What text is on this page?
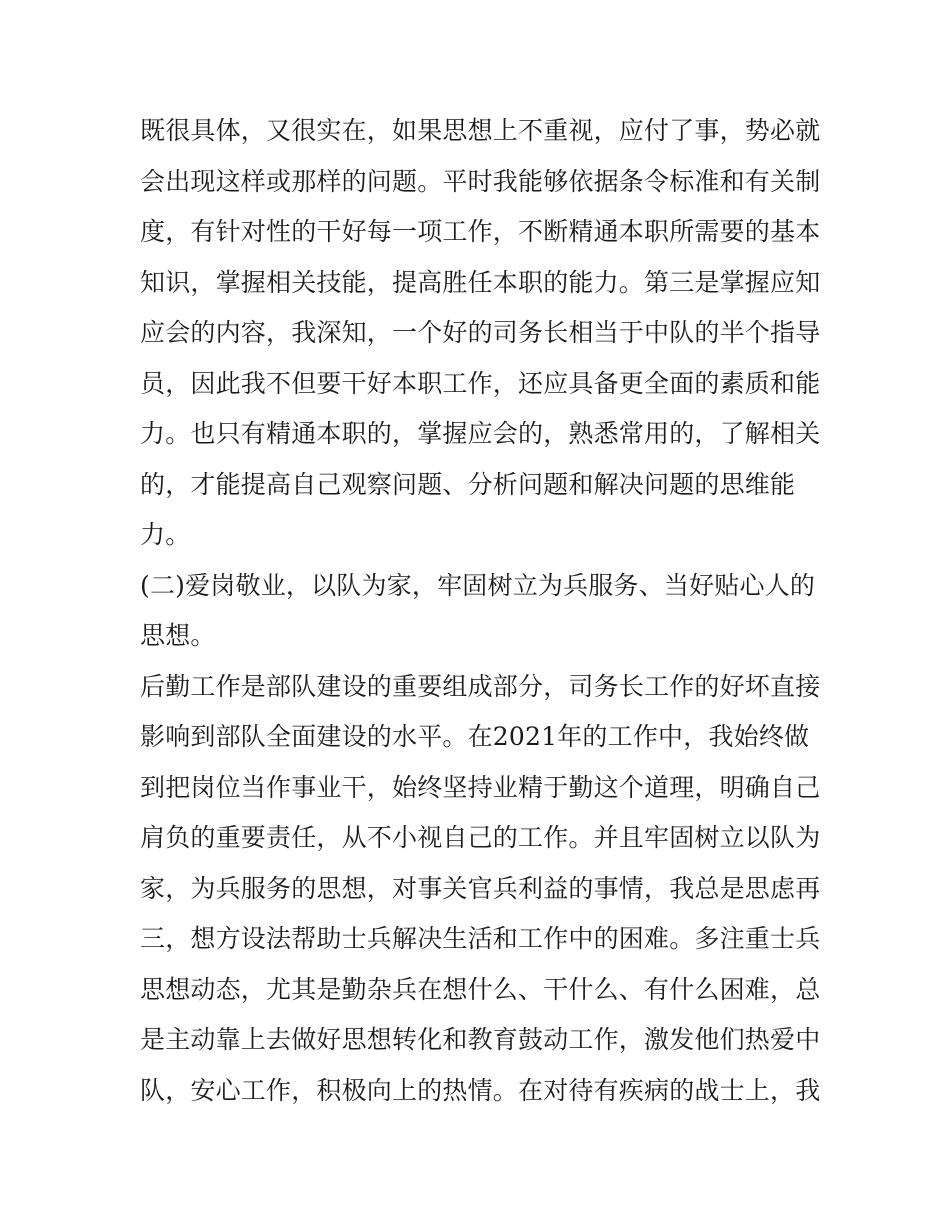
既很具体，又很实在，如果思想上不重视，应付了事，势必就
会出现这样或那样的问题。平时我能够依据条令标准和有关制
度，有针对性的干好每一项工作，不断精通本职所需要的基本
知识，掌握相关技能，提高胜任本职的能力。第三是掌握应知
应会的内容，我深知，一个好的司务长相当于中队的半个指导
员，因此我不但要干好本职工作，还应具备更全面的素质和能
力。也只有精通本职的，掌握应会的，熟悉常用的，了解相关
的，才能提高自己观察问题、分析问题和解决问题的思维能
力。
(二)爱岗敬业，以队为家，牢固树立为兵服务、当好贴心人的
思想。
后勤工作是部队建设的重要组成部分，司务长工作的好坏直接
影响到部队全面建设的水平。在2021年的工作中，我始终做
到把岗位当作事业干，始终坚持业精于勤这个道理，明确自己
肩负的重要责任，从不小视自己的工作。并且牢固树立以队为
家，为兵服务的思想，对事关官兵利益的事情，我总是思虑再
三，想方设法帮助士兵解决生活和工作中的困难。多注重士兵
思想动态，尤其是勤杂兵在想什么、干什么、有什么困难，总
是主动靠上去做好思想转化和教育鼓动工作，激发他们热爱中
队，安心工作，积极向上的热情。在对待有疾病的战士上，我
